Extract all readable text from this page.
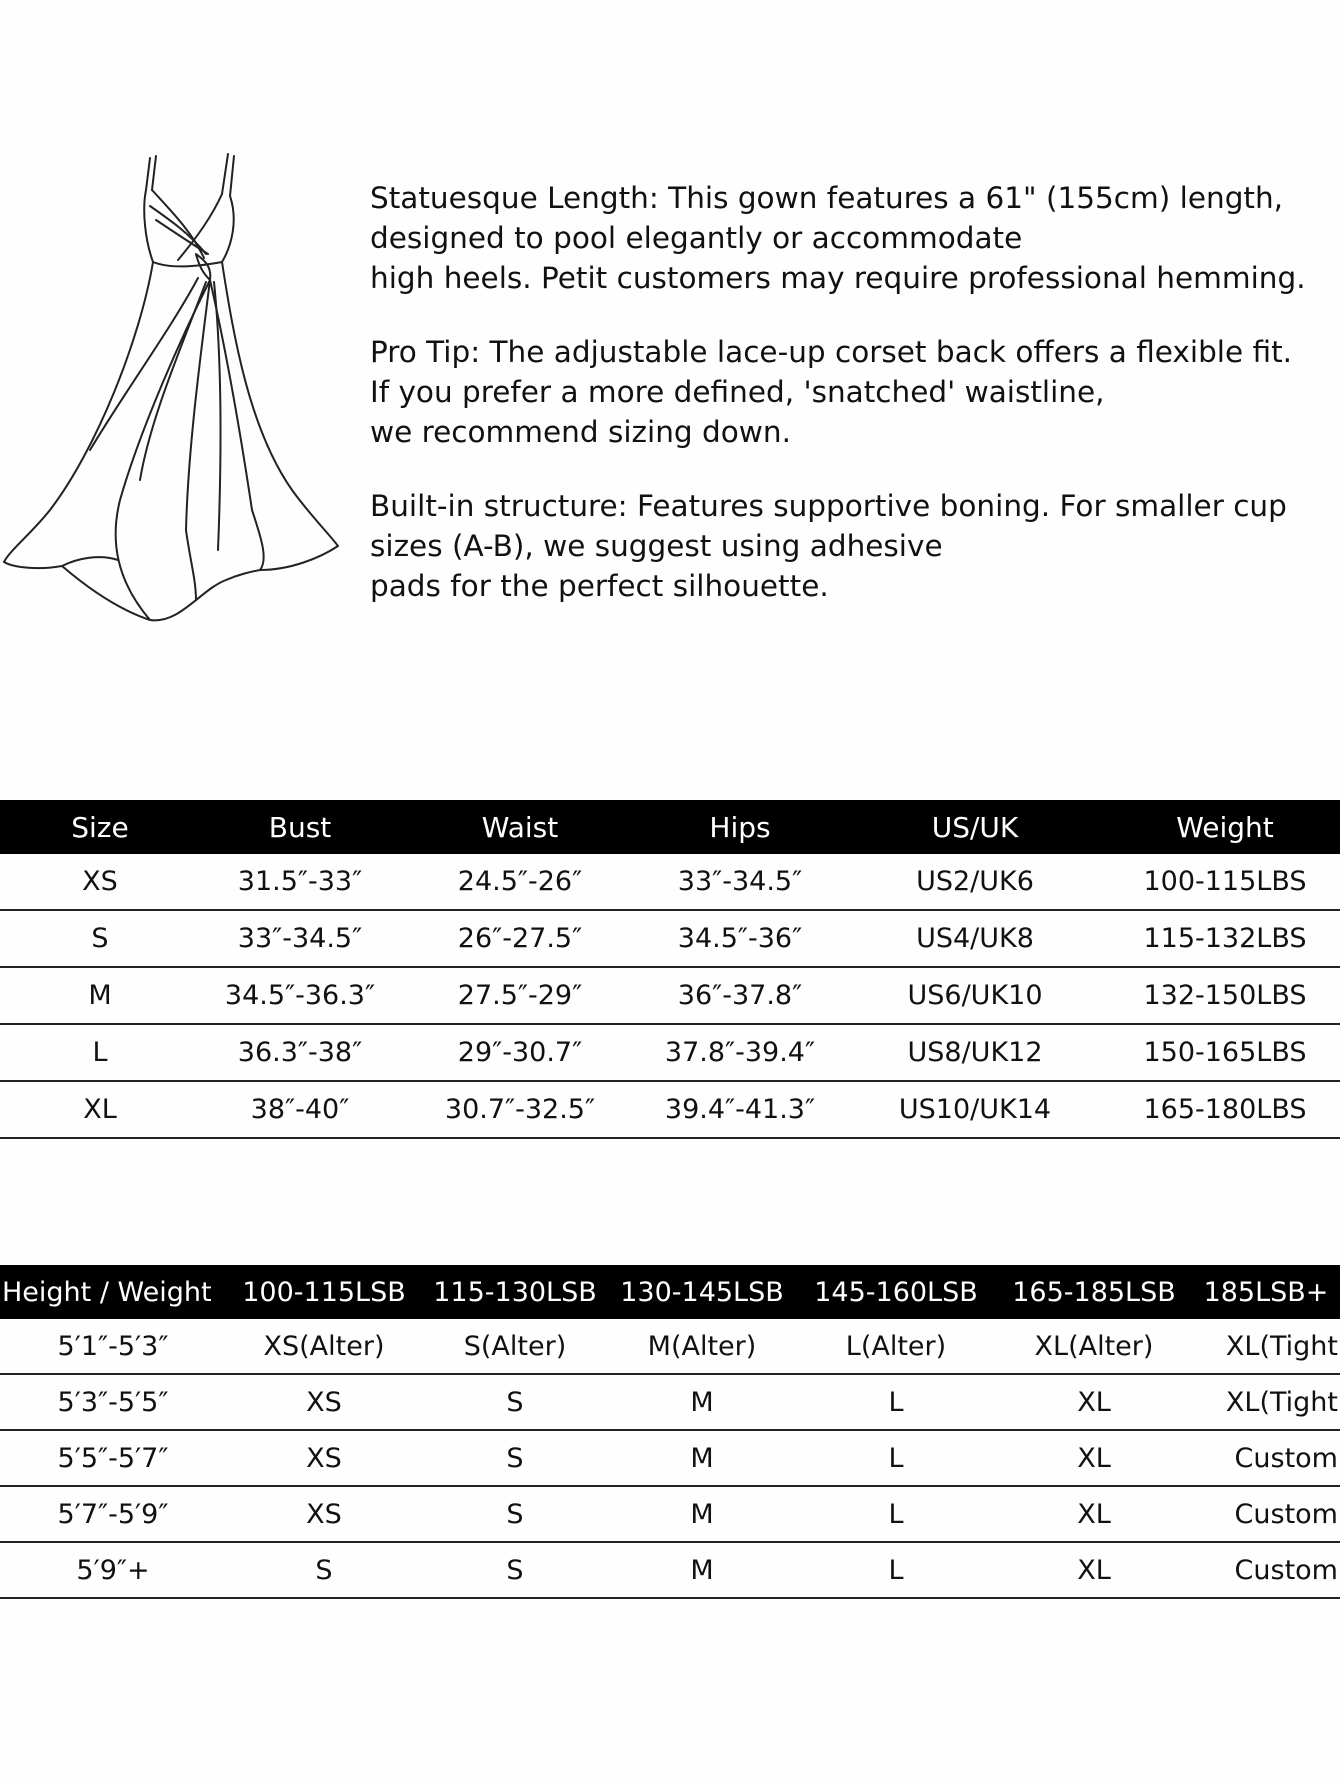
Statuesque Length: This gown features a 61" (155cm) length,
designed to pool elegantly or accommodate
high heels. Petit customers may require professional hemming.

Pro Tip: The adjustable lace-up corset back offers a flexible fit.
If you prefer a more defined, 'snatched' waistline,
we recommend sizing down.

Built-in structure: Features supportive boning. For smaller cup
sizes (A-B), we suggest using adhesive
pads for the perfect silhouette.

Size	Bust	Waist	Hips	US/UK	Weight
XS	31.5″-33″	24.5″-26″	33″-34.5″	US2/UK6	100-115LBS
S	33″-34.5″	26″-27.5″	34.5″-36″	US4/UK8	115-132LBS
M	34.5″-36.3″	27.5″-29″	36″-37.8″	US6/UK10	132-150LBS
L	36.3″-38″	29″-30.7″	37.8″-39.4″	US8/UK12	150-165LBS
XL	38″-40″	30.7″-32.5″	39.4″-41.3″	US10/UK14	165-180LBS
Height / Weight	100-115LSB	115-130LSB	130-145LSB	145-160LSB	165-185LSB	185LSB+
5′1″-5′3″	XS(Alter)	S(Alter)	M(Alter)	L(Alter)	XL(Alter)	XL(Tight
5′3″-5′5″	XS	S	M	L	XL	XL(Tight
5′5″-5′7″	XS	S	M	L	XL	Custom
5′7″-5′9″	XS	S	M	L	XL	Custom
5′9″+	S	S	M	L	XL	Custom
